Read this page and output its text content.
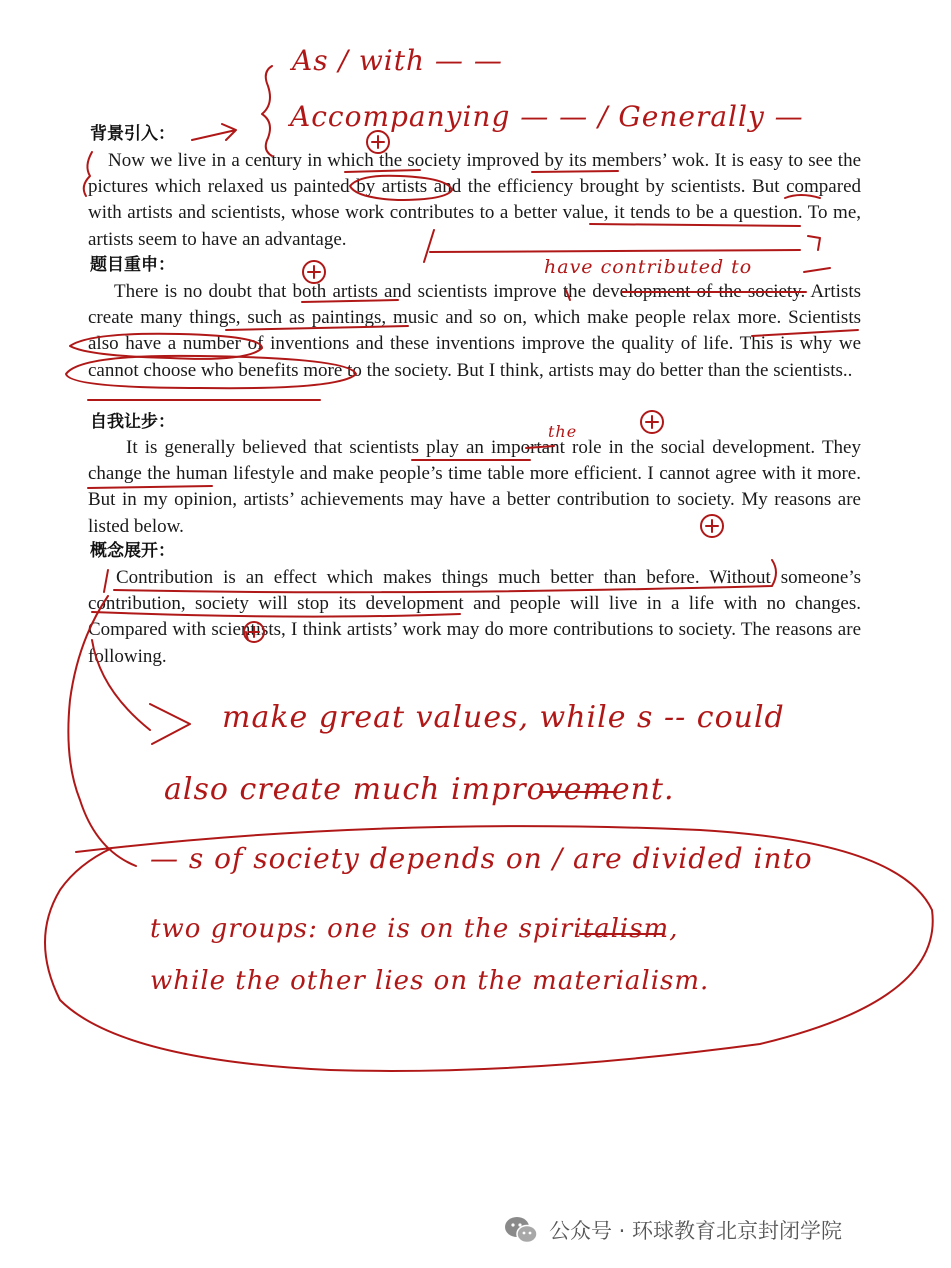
背景引入：

Now we live in a century in which the society improved by its members’ wok. It is easy to see the pictures which relaxed us painted by artists and the efficiency brought by scientists. But compared with artists and scientists, whose work contributes to a better value, it tends to be a question. To me, artists seem to have an advantage.

题目重申：

There is no doubt that both artists and scientists improve the development of the society. Artists create many things, such as paintings, music and so on, which make people relax more. Scientists also have a number of inventions and these inventions improve the quality of life. This is why we cannot choose who benefits more to the society. But I think, artists may do better than the scientists..

自我让步：

It is generally believed that scientists play an important role in the social development. They change the human lifestyle and make people’s time table more efficient. I cannot agree with it more. But in my opinion, artists’ achievements may have a better contribution to society. My reasons are listed below.

概念展开：

Contribution is an effect which makes things much better than before. Without someone’s contribution, society will stop its development and people will live in a life with no changes. Compared with scientists, I think artists’ work may do more contributions to society. The reasons are following.

As / with — —
Accompanying — — / Generally —
have contributed to
the
make great values, while s -- could
also create much improvement.
— s of society depends on / are divided into
two groups: one is on the spiritalism,
while the other lies on the materialism.
公众号 · 环球教育北京封闭学院
